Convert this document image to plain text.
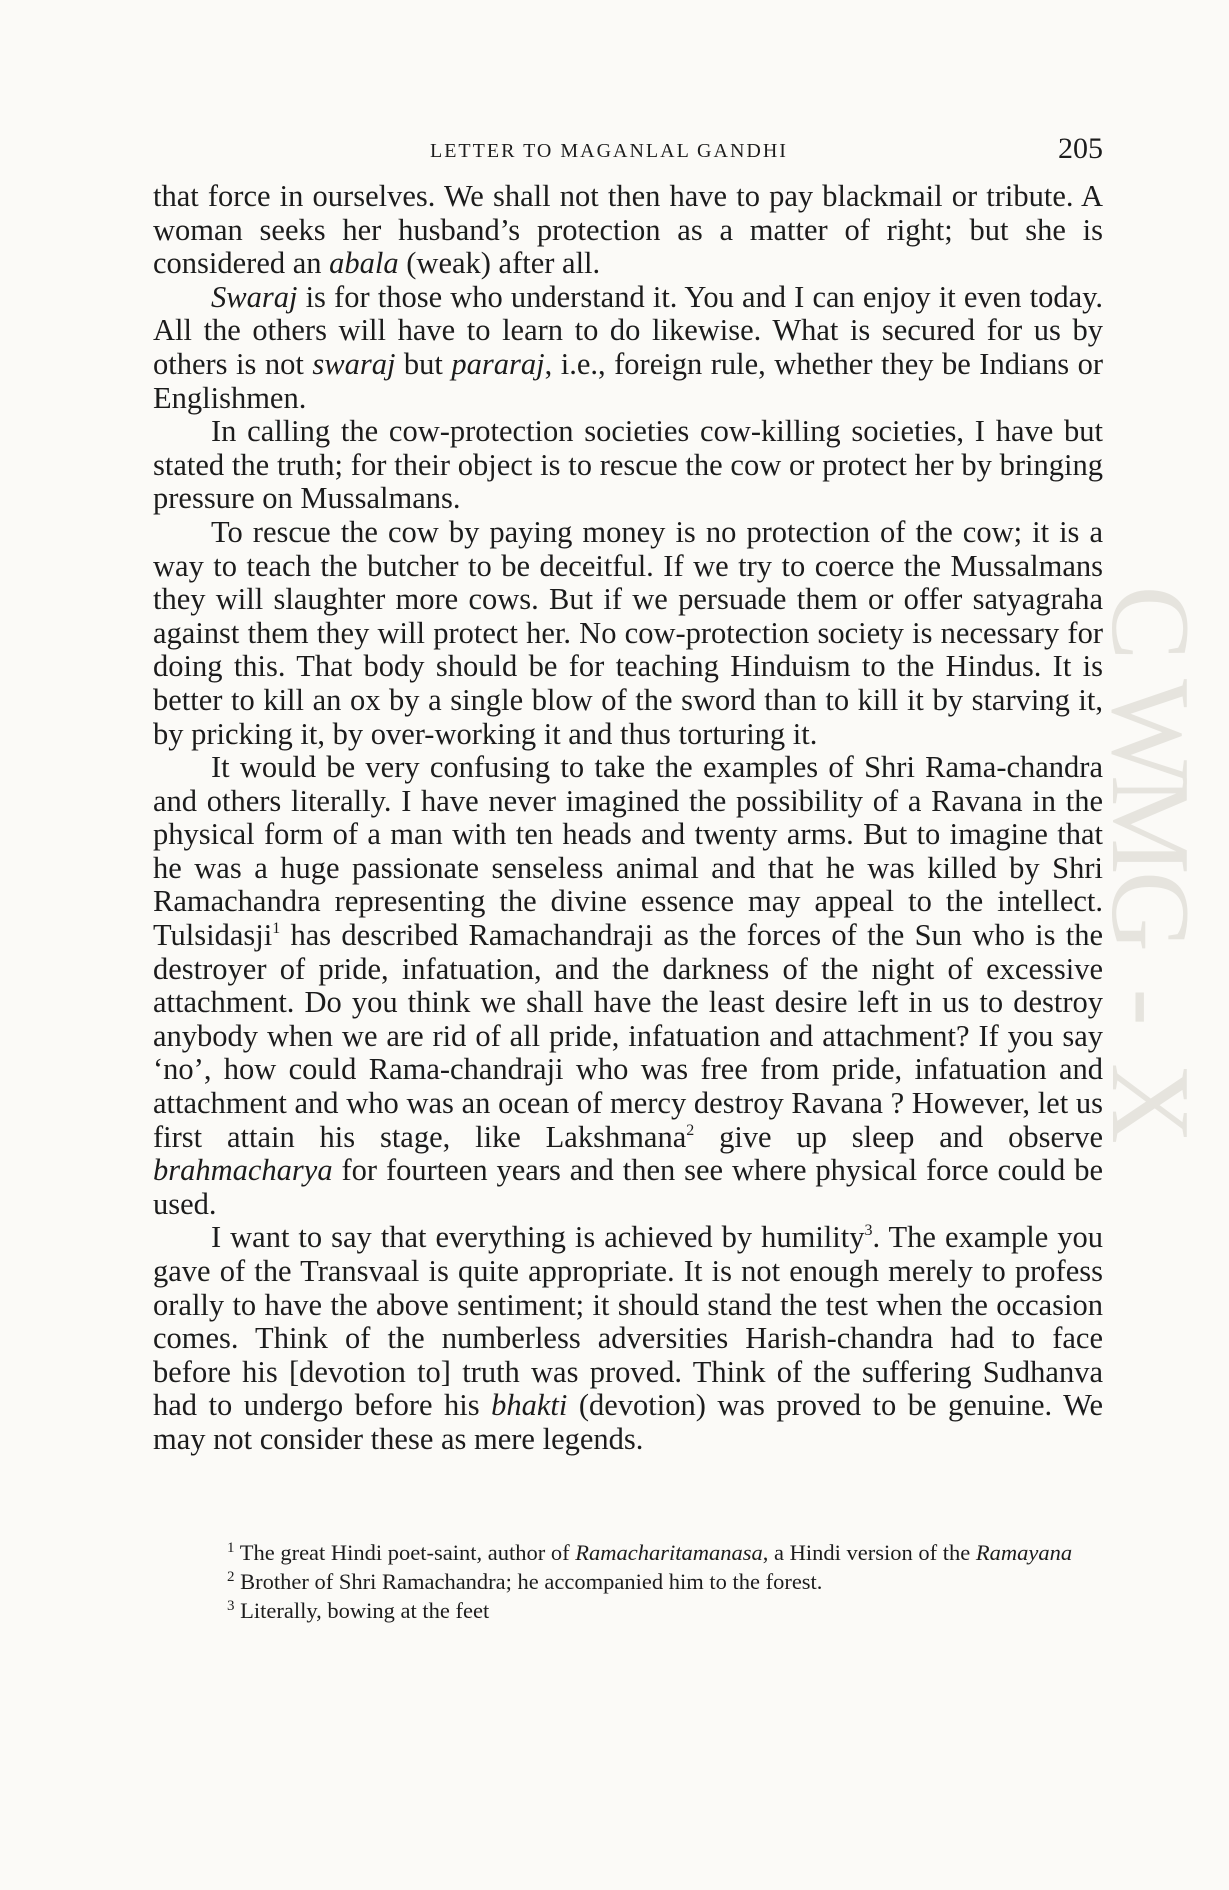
LETTER TO MAGANLAL GANDHI	205
C
W
M
G
-
X

that force in ourselves. We shall not then have to pay blackmail or tribute. A woman seeks her husband’s protection as a matter of right; but she is considered an abala (weak) after all.

Swaraj is for those who understand it. You and I can enjoy it even today. All the others will have to learn to do likewise. What is secured for us by others is not swaraj but pararaj, i.e., foreign rule, whether they be Indians or Englishmen.

In calling the cow-protection societies cow-killing societies, I have but stated the truth; for their object is to rescue the cow or protect her by bringing pressure on Mussalmans.

To rescue the cow by paying money is no protection of the cow; it is a way to teach the butcher to be deceitful. If we try to coerce the Mussalmans they will slaughter more cows. But if we persuade them or offer satyagraha against them they will protect her. No cow-protection society is necessary for doing this. That body should be for teaching Hinduism to the Hindus. It is better to kill an ox by a single blow of the sword than to kill it by starving it, by pricking it, by over-working it and thus torturing it.

It would be very confusing to take the examples of Shri Rama-chandra and others literally. I have never imagined the possibility of a Ravana in the physical form of a man with ten heads and twenty arms. But to imagine that he was a huge passionate senseless animal and that he was killed by Shri Ramachandra representing the divine essence may appeal to the intellect. Tulsidasji$^1$ has described Ramachandraji as the forces of the Sun who is the destroyer of pride, infatuation, and the darkness of the night of excessive attachment. Do you think we shall have the least desire left in us to destroy anybody when we are rid of all pride, infatuation and attachment? If you say ‘no’, how could Rama-chandraji who was free from pride, infatuation and attachment and who was an ocean of mercy destroy Ravana ? However, let us first attain his stage, like Lakshmana$^2$ give up sleep and observe brahmacharya for fourteen years and then see where physical force could be used.

I want to say that everything is achieved by humility$^3$. The example you gave of the Transvaal is quite appropriate. It is not enough merely to profess orally to have the above sentiment; it should stand the test when the occasion comes. Think of the numberless adversities Harish-chandra had to face before his [devotion to] truth was proved. Think of the suffering Sudhanva had to undergo before his bhakti (devotion) was proved to be genuine. We may not consider these as mere legends.

$^1$ The great Hindi poet-saint, author of Ramacharitamanasa, a Hindi version of the Ramayana

$^2$ Brother of Shri Ramachandra; he accompanied him to the forest.

$^3$ Literally, bowing at the feet
